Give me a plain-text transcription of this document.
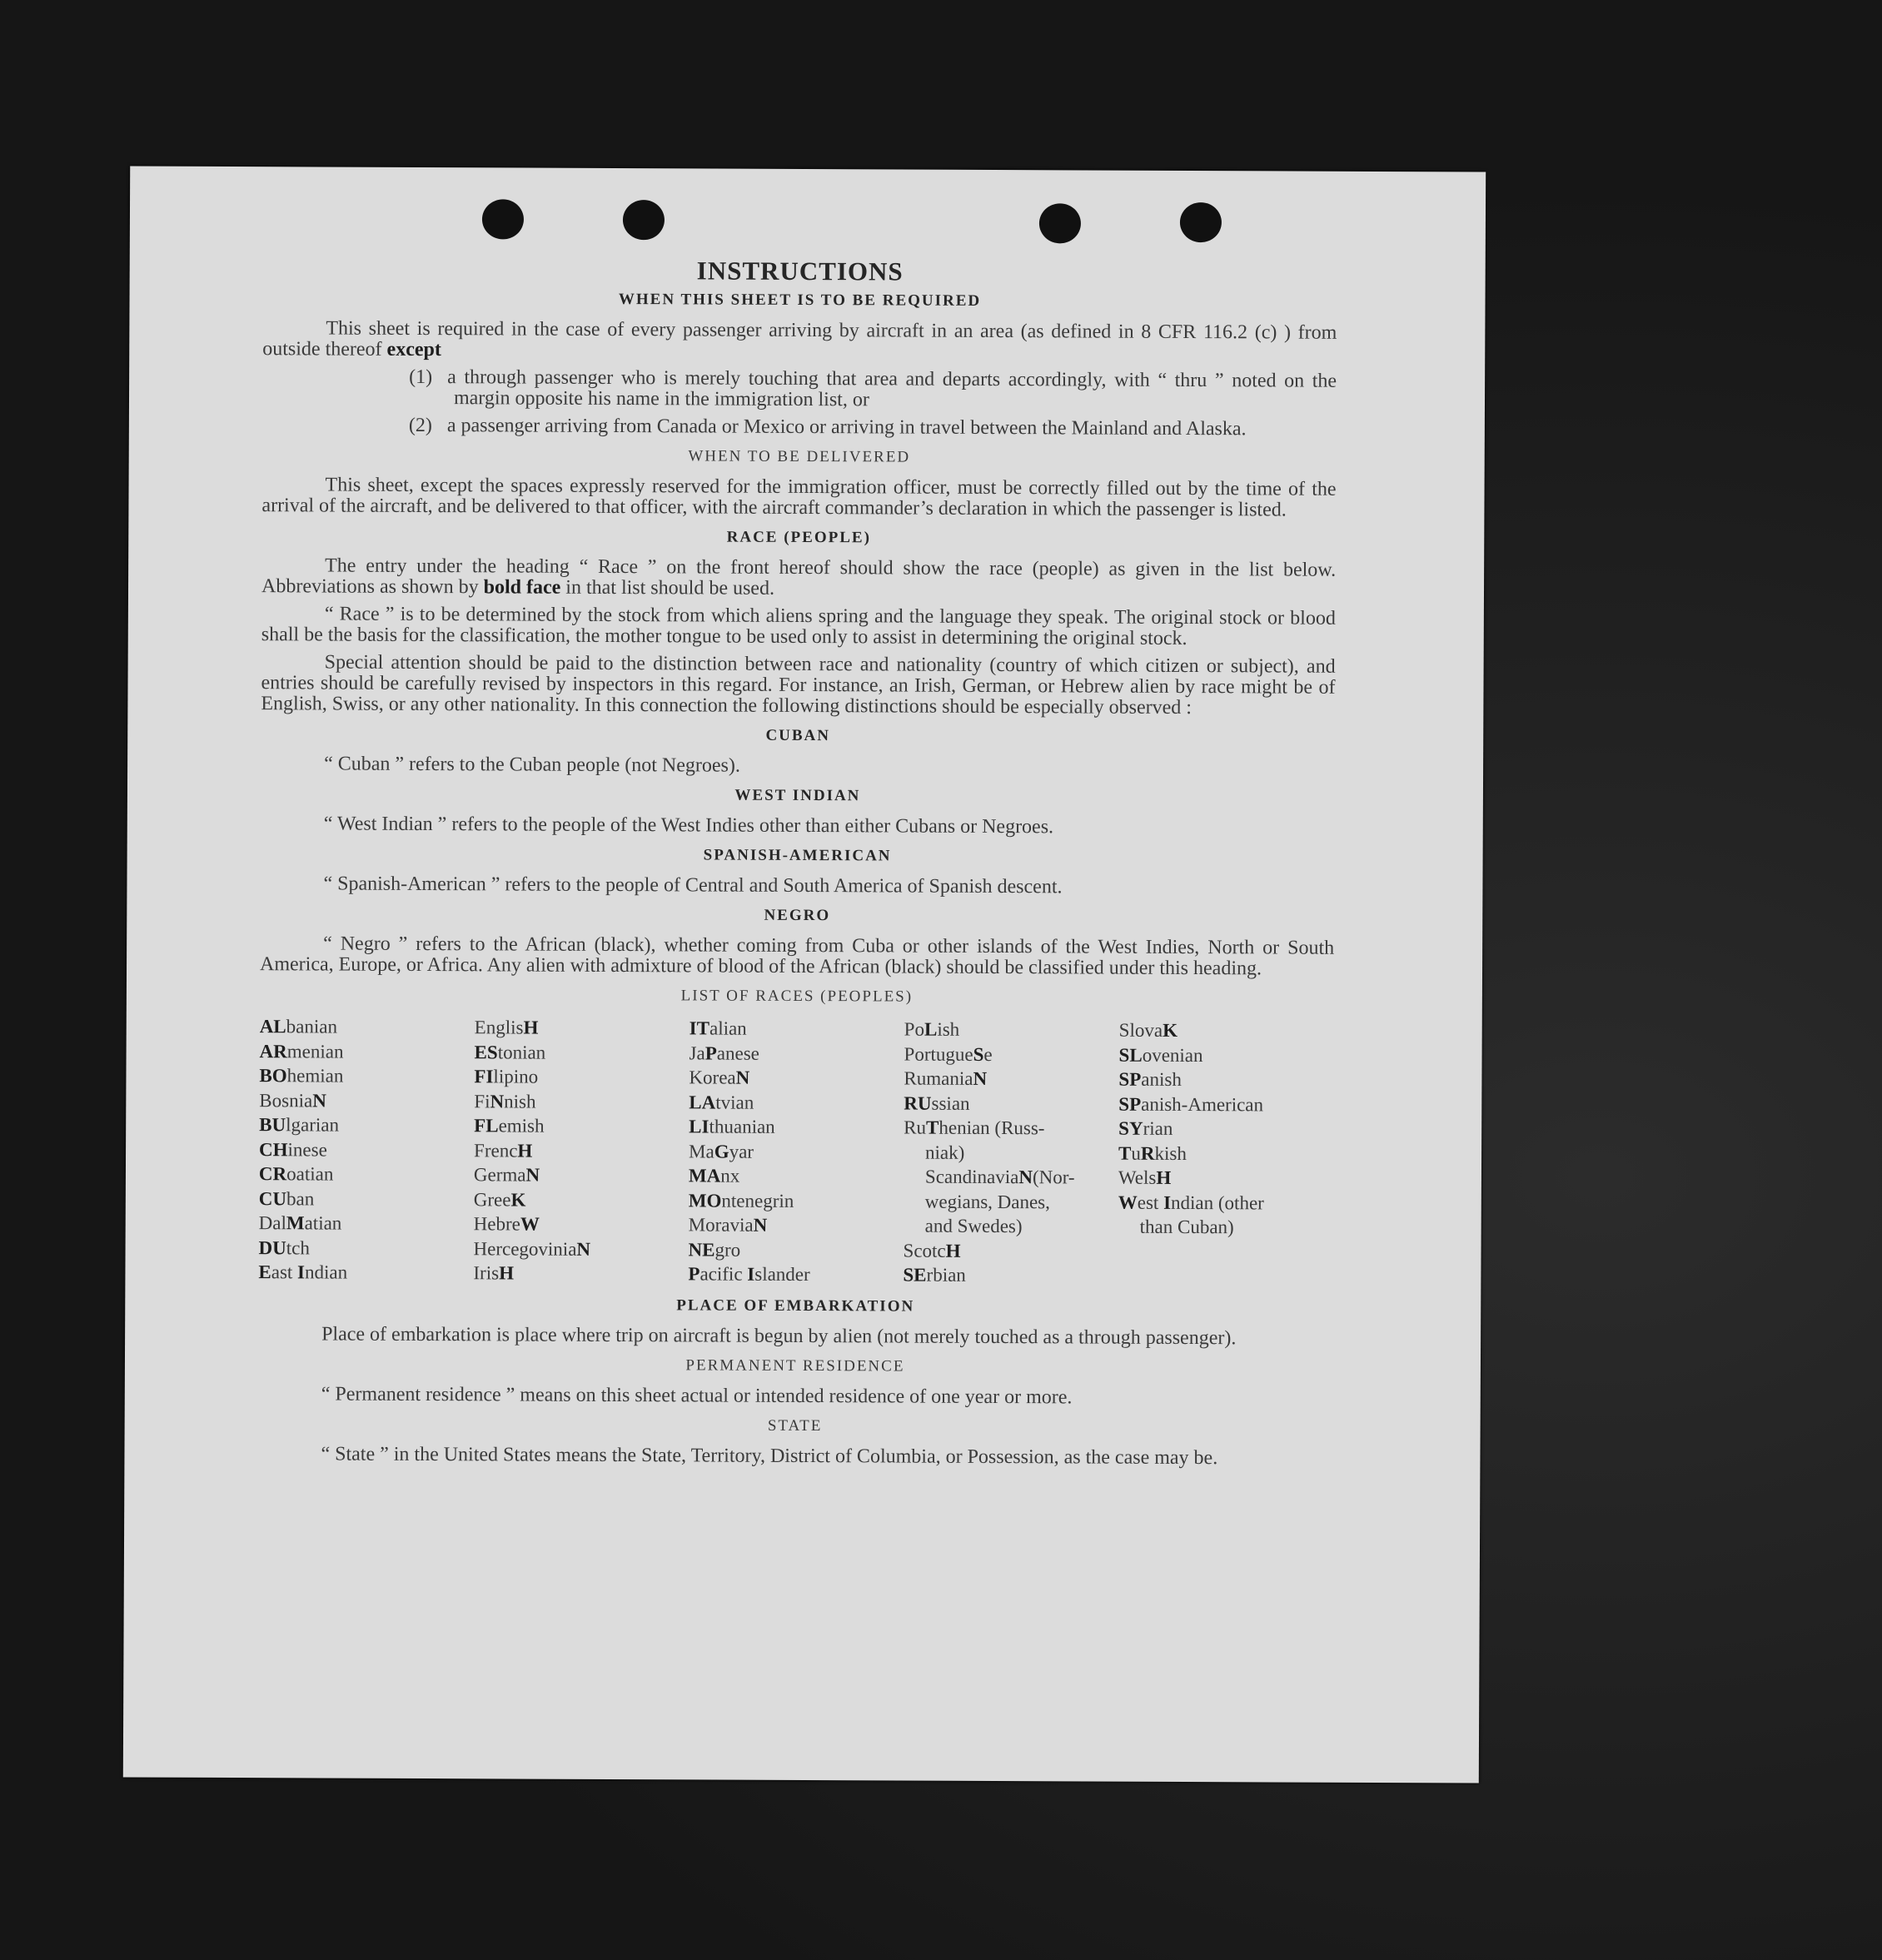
INSTRUCTIONS
WHEN THIS SHEET IS TO BE REQUIRED

This sheet is required in the case of every passenger arriving by aircraft in an area (as defined in 8 CFR 116.2 (c) ) from outside thereof except

(1) a through passenger who is merely touching that area and departs accordingly, with “ thru ” noted on the margin opposite his name in the immigration list, or
(2) a passenger arriving from Canada or Mexico or arriving in travel between the Mainland and Alaska.
WHEN TO BE DELIVERED

This sheet, except the spaces expressly reserved for the immigration officer, must be correctly filled out by the time of the arrival of the aircraft, and be delivered to that officer, with the aircraft commander’s declaration in which the passenger is listed.

RACE (PEOPLE)

The entry under the heading “ Race ” on the front hereof should show the race (people) as given in the list below. Abbreviations as shown by bold face in that list should be used.

“ Race ” is to be determined by the stock from which aliens spring and the language they speak. The original stock or blood shall be the basis for the classification, the mother tongue to be used only to assist in determining the original stock.

Special attention should be paid to the distinction between race and nationality (country of which citizen or subject), and entries should be carefully revised by inspectors in this regard. For instance, an Irish, German, or Hebrew alien by race might be of English, Swiss, or any other nationality. In this connection the following distinctions should be especially observed :

CUBAN

“ Cuban ” refers to the Cuban people (not Negroes).

WEST INDIAN

“ West Indian ” refers to the people of the West Indies other than either Cubans or Negroes.

SPANISH-AMERICAN

“ Spanish-American ” refers to the people of Central and South America of Spanish descent.

NEGRO

“ Negro ” refers to the African (black), whether coming from Cuba or other islands of the West Indies, North or South America, Europe, or Africa. Any alien with admixture of blood of the African (black) should be classified under this heading.

LIST OF RACES (PEOPLES)
ALbanian
ARmenian
BOhemian
BosniaN
BUlgarian
CHinese
CRoatian
CUban
DalMatian
DUtch
East Indian
EnglisH
EStonian
FIlipino
FiNnish
FLemish
FrencH
GermaN
GreeK
HebreW
HercegoviniaN
IrisH
ITalian
JaPanese
KoreaN
LAtvian
LIthuanian
MaGyar
MAnx
MOntenegrin
MoraviaN
NEgro
Pacific Islander
PoLish
PortugueSe
RumaniaN
RUssian
RuThenian (Russ-
niak)
ScandinaviaN(Nor-
wegians, Danes,
and Swedes)
ScotcH
SErbian
SlovaK
SLovenian
SPanish
SPanish-American
SYrian
TuRkish
WelsH
West Indian (other
than Cuban)
PLACE OF EMBARKATION

Place of embarkation is place where trip on aircraft is begun by alien (not merely touched as a through passenger).

PERMANENT RESIDENCE

“ Permanent residence ” means on this sheet actual or intended residence of one year or more.

STATE

“ State ” in the United States means the State, Territory, District of Columbia, or Possession, as the case may be.
